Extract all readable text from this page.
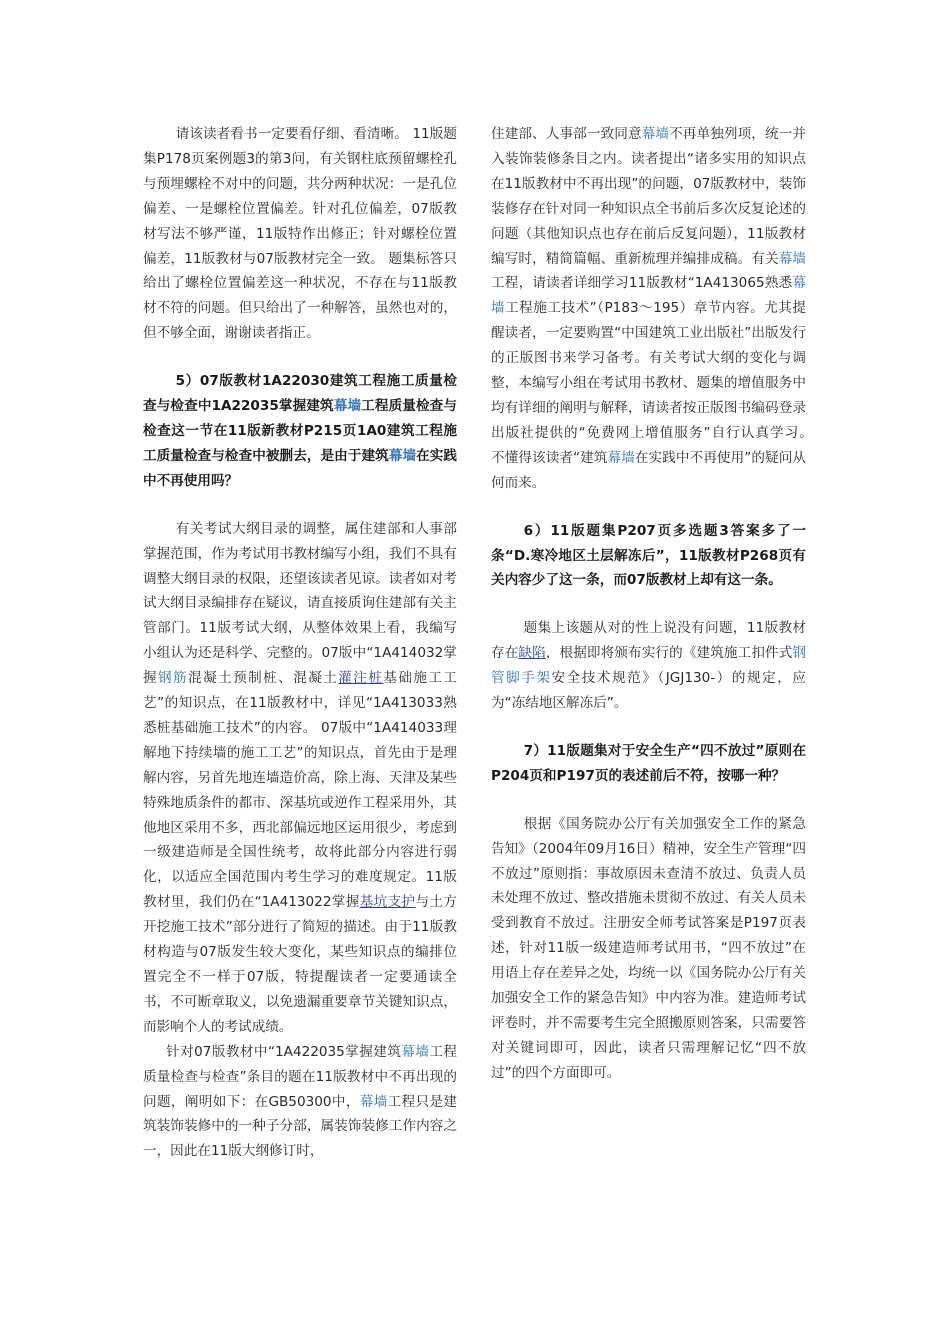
请该读者看书一定要看仔细、看清晰。 11版题集P178页案例题3的第3问，有关钢柱底预留螺栓孔与预埋螺栓不对中的问题，共分两种状况：一是孔位偏差、一是螺栓位置偏差。针对孔位偏差，07版教材写法不够严谨，11版特作出修正；针对螺栓位置偏差，11版教材与07版教材完全一致。 题集标答只给出了螺栓位置偏差这一种状况，不存在与11版教材不符的问题。但只给出了一种解答，虽然也对的，但不够全面，谢谢读者指正。

5）07版教材1A22030建筑工程施工质量检查与检查中1A22035掌握建筑幕墙工程质量检查与检查这一节在11版新教材P215页1A0建筑工程施工质量检查与检查中被删去，是由于建筑幕墙在实践中不再使用吗？

有关考试大纲目录的调整，属住建部和人事部掌握范围，作为考试用书教材编写小组，我们不具有调整大纲目录的权限，还望该读者见谅。读者如对考试大纲目录编排存在疑议，请直接质询住建部有关主管部门。11版考试大纲，从整体效果上看，我编写小组认为还是科学、完整的。07版中“1A414032掌握钢筋混凝土预制桩、混凝土灌注桩基础施工工艺”的知识点，在11版教材中，详见“1A413033熟悉桩基础施工技术”的内容。 07版中“1A414033理解地下持续墙的施工工艺”的知识点，首先由于是理解内容，另首先地连墙造价高，除上海、天津及某些特殊地质条件的都市、深基坑或逆作工程采用外，其他地区采用不多，西北部偏远地区运用很少，考虑到一级建造师是全国性统考，故将此部分内容进行弱化，以适应全国范围内考生学习的难度规定。11版教材里，我们仍在“1A413022掌握基坑支护与土方开挖施工技术”部分进行了简短的描述。由于11版教材构造与07版发生较大变化，某些知识点的编排位置完全不一样于07版，特提醒读者一定要通读全书，不可断章取义，以免遗漏重要章节关键知识点，而影响个人的考试成绩。

针对07版教材中“1A422035掌握建筑幕墙工程质量检查与检查”条目的题在11版教材中不再出现的问题，阐明如下：在GB50300中，幕墙工程只是建筑装饰装修中的一种子分部，属装饰装修工作内容之一，因此在11版大纲修订时，

住建部、人事部一致同意幕墙不再单独列项，统一并入装饰装修条目之内。读者提出“诸多实用的知识点在11版教材中不再出现”的问题，07版教材中，装饰装修存在针对同一种知识点全书前后多次反复论述的问题（其他知识点也存在前后反复问题），11版教材编写时，精简篇幅、重新梳理并编排成稿。有关幕墙工程，请读者详细学习11版教材“1A413065熟悉幕墙工程施工技术”（P183～195）章节内容。尤其提醒读者，一定要购置“中国建筑工业出版社”出版发行的正版图书来学习备考。有关考试大纲的变化与调整，本编写小组在考试用书教材、题集的增值服务中均有详细的阐明与解释，请读者按正版图书编码登录出版社提供的“免费网上增值服务”自行认真学习。　　不懂得该读者“建筑幕墙在实践中不再使用”的疑问从何而来。

6）11版题集P207页多选题3答案多了一条“D.寒冷地区土层解冻后”，11版教材P268页有关内容少了这一条，而07版教材上却有这一条。

题集上该题从对的性上说没有问题，11版教材存在缺陷，根据即将颁布实行的《建筑施工扣件式钢管脚手架安全技术规范》（JGJ130-）的规定，应为“冻结地区解冻后”。

7）11版题集对于安全生产“四不放过”原则在P204页和P197页的表述前后不符，按哪一种？

根据《国务院办公厅有关加强安全工作的紧急告知》（2004年09月16日）精神，安全生产管理“四不放过”原则指：事故原因未查清不放过、负责人员未处理不放过、整改措施未贯彻不放过、有关人员未受到教育不放过。注册安全师考试答案是P197页表述，针对11版一级建造师考试用书，“四不放过”在用语上存在差异之处，均统一以《国务院办公厅有关加强安全工作的紧急告知》中内容为准。建造师考试评卷时，并不需要考生完全照搬原则答案，只需要答对关键词即可，因此，读者只需理解记忆“四不放过”的四个方面即可。
